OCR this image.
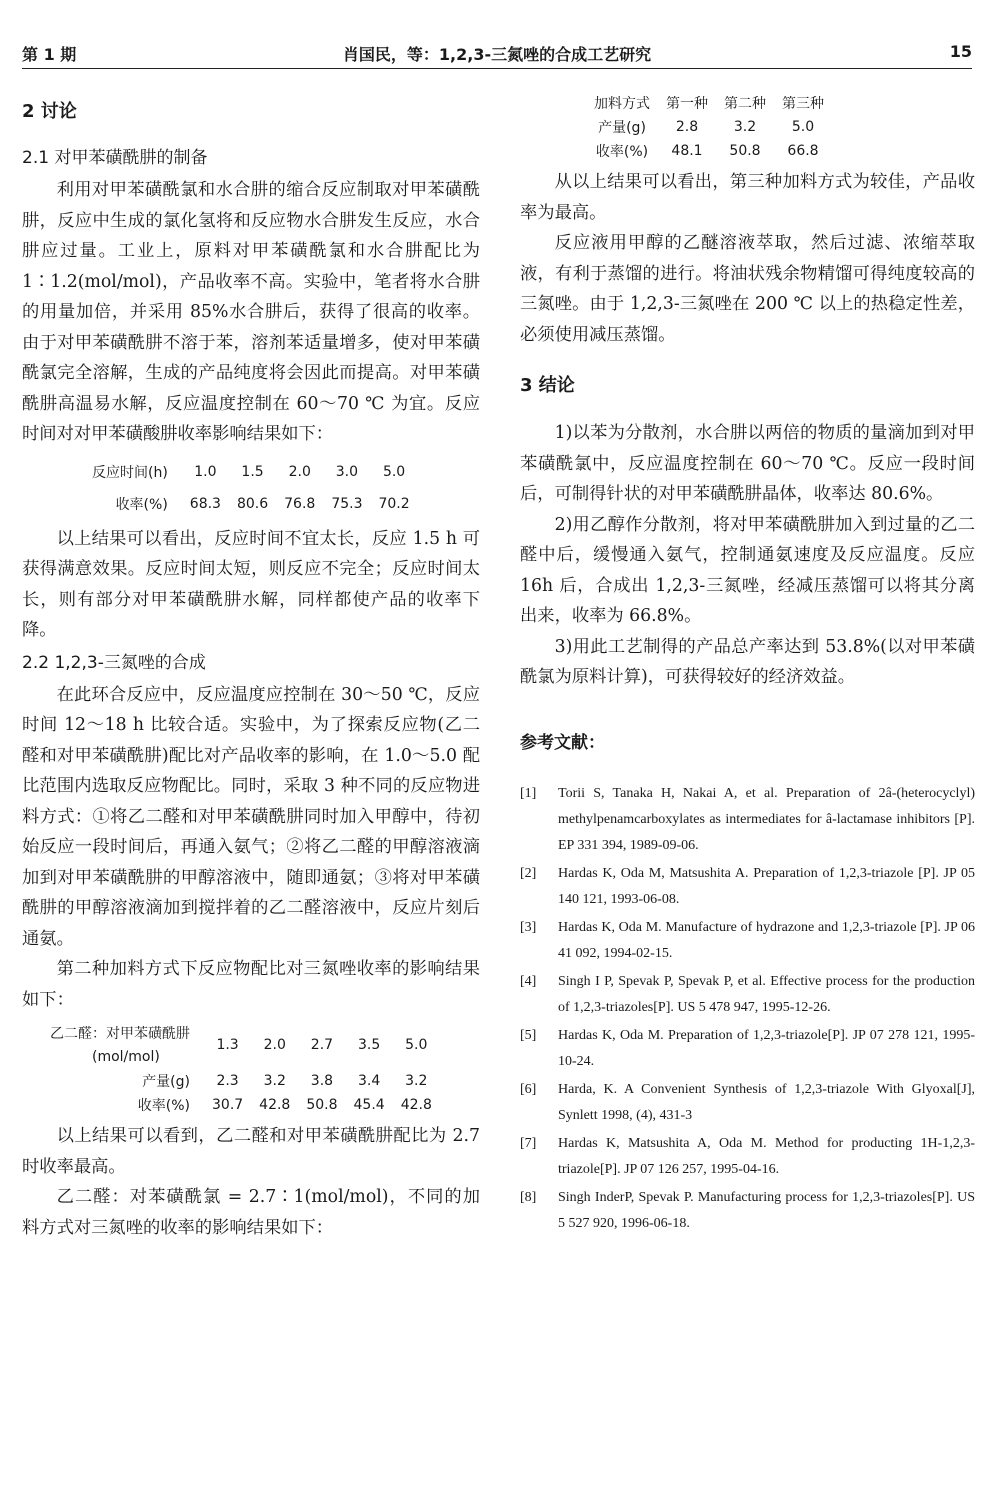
第 1 期	肖国民，等：1,2,3-三氮唑的合成工艺研究	15
2 讨论
2.1 对甲苯磺酰肼的制备

利用对甲苯磺酰氯和水合肼的缩合反应制取对甲苯磺酰肼，反应中生成的氯化氢将和反应物水合肼发生反应，水合肼应过量。工业上，原料对甲苯磺酰氯和水合肼配比为 1∶1.2(mol/mol)，产品收率不高。实验中，笔者将水合肼的用量加倍，并采用 85%水合肼后，获得了很高的收率。由于对甲苯磺酰肼不溶于苯，溶剂苯适量增多，使对甲苯磺酰氯完全溶解，生成的产品纯度将会因此而提高。对甲苯磺酰肼高温易水解，反应温度控制在 60～70 ℃ 为宜。反应时间对对甲苯磺酸肼收率影响结果如下：

反应时间(h)	1.0	1.5	2.0	3.0	5.0
收率(%)	68.3	80.6	76.8	75.3	70.2

以上结果可以看出，反应时间不宜太长，反应 1.5 h 可获得满意效果。反应时间太短，则反应不完全；反应时间太长，则有部分对甲苯磺酰肼水解，同样都使产品的收率下降。

2.2 1,2,3-三氮唑的合成

在此环合反应中，反应温度应控制在 30～50 ℃，反应时间 12～18 h 比较合适。实验中，为了探索反应物(乙二醛和对甲苯磺酰肼)配比对产品收率的影响，在 1.0～5.0 配比范围内选取反应物配比。同时，采取 3 种不同的反应物进料方式：①将乙二醛和对甲苯磺酰肼同时加入甲醇中，待初始反应一段时间后，再通入氨气；②将乙二醛的甲醇溶液滴加到对甲苯磺酰肼的甲醇溶液中，随即通氨；③将对甲苯磺酰肼的甲醇溶液滴加到搅拌着的乙二醛溶液中，反应片刻后通氨。

第二种加料方式下反应物配比对三氮唑收率的影响结果如下：

乙二醛：对甲苯磺酰肼	1.3	2.0	2.7	3.5	5.0
(mol/mol)					
产量(g)	2.3	3.2	3.8	3.4	3.2
收率(%)	30.7	42.8	50.8	45.4	42.8

以上结果可以看到，乙二醛和对甲苯磺酰肼配比为 2.7 时收率最高。

乙二醛：对苯磺酰氯 = 2.7∶1(mol/mol)，不同的加料方式对三氮唑的收率的影响结果如下：

加料方式	第一种	第二种	第三种
产量(g)	2.8	3.2	5.0
收率(%)	48.1	50.8	66.8

从以上结果可以看出，第三种加料方式为较佳，产品收率为最高。

反应液用甲醇的乙醚溶液萃取，然后过滤、浓缩萃取液，有利于蒸馏的进行。将油状残余物精馏可得纯度较高的三氮唑。由于 1,2,3-三氮唑在 200 ℃ 以上的热稳定性差，必须使用减压蒸馏。

3 结论

1)以苯为分散剂，水合肼以两倍的物质的量滴加到对甲苯磺酰氯中，反应温度控制在 60～70 ℃。反应一段时间后，可制得针状的对甲苯磺酰肼晶体，收率达 80.6%。

2)用乙醇作分散剂，将对甲苯磺酰肼加入到过量的乙二醛中后，缓慢通入氨气，控制通氨速度及反应温度。反应 16h 后，合成出 1,2,3-三氮唑，经减压蒸馏可以将其分离出来，收率为 66.8%。

3)用此工艺制得的产品总产率达到 53.8%(以对甲苯磺酰氯为原料计算)，可获得较好的经济效益。

参考文献：
[1] Torii S, Tanaka H, Nakai A, et al. Preparation of 2â-(heterocyclyl) methylpenamcarboxylates as intermediates for â-lactamase inhibitors [P]. EP 331 394, 1989-09-06.
[2] Hardas K, Oda M, Matsushita A. Preparation of 1,2,3-triazole [P]. JP 05 140 121, 1993-06-08.
[3] Hardas K, Oda M. Manufacture of hydrazone and 1,2,3-triazole [P]. JP 06 41 092, 1994-02-15.
[4] Singh I P, Spevak P, Spevak P, et al. Effective process for the production of 1,2,3-triazoles[P]. US 5 478 947, 1995-12-26.
[5] Hardas K, Oda M. Preparation of 1,2,3-triazole[P]. JP 07 278 121, 1995-10-24.
[6] Harda, K. A Convenient Synthesis of 1,2,3-triazole With Glyoxal[J], Synlett 1998, (4), 431-3
[7] Hardas K, Matsushita A, Oda M. Method for producting 1H-1,2,3-triazole[P]. JP 07 126 257, 1995-04-16.
[8] Singh InderP, Spevak P. Manufacturing process for 1,2,3-triazoles[P]. US 5 527 920, 1996-06-18.
